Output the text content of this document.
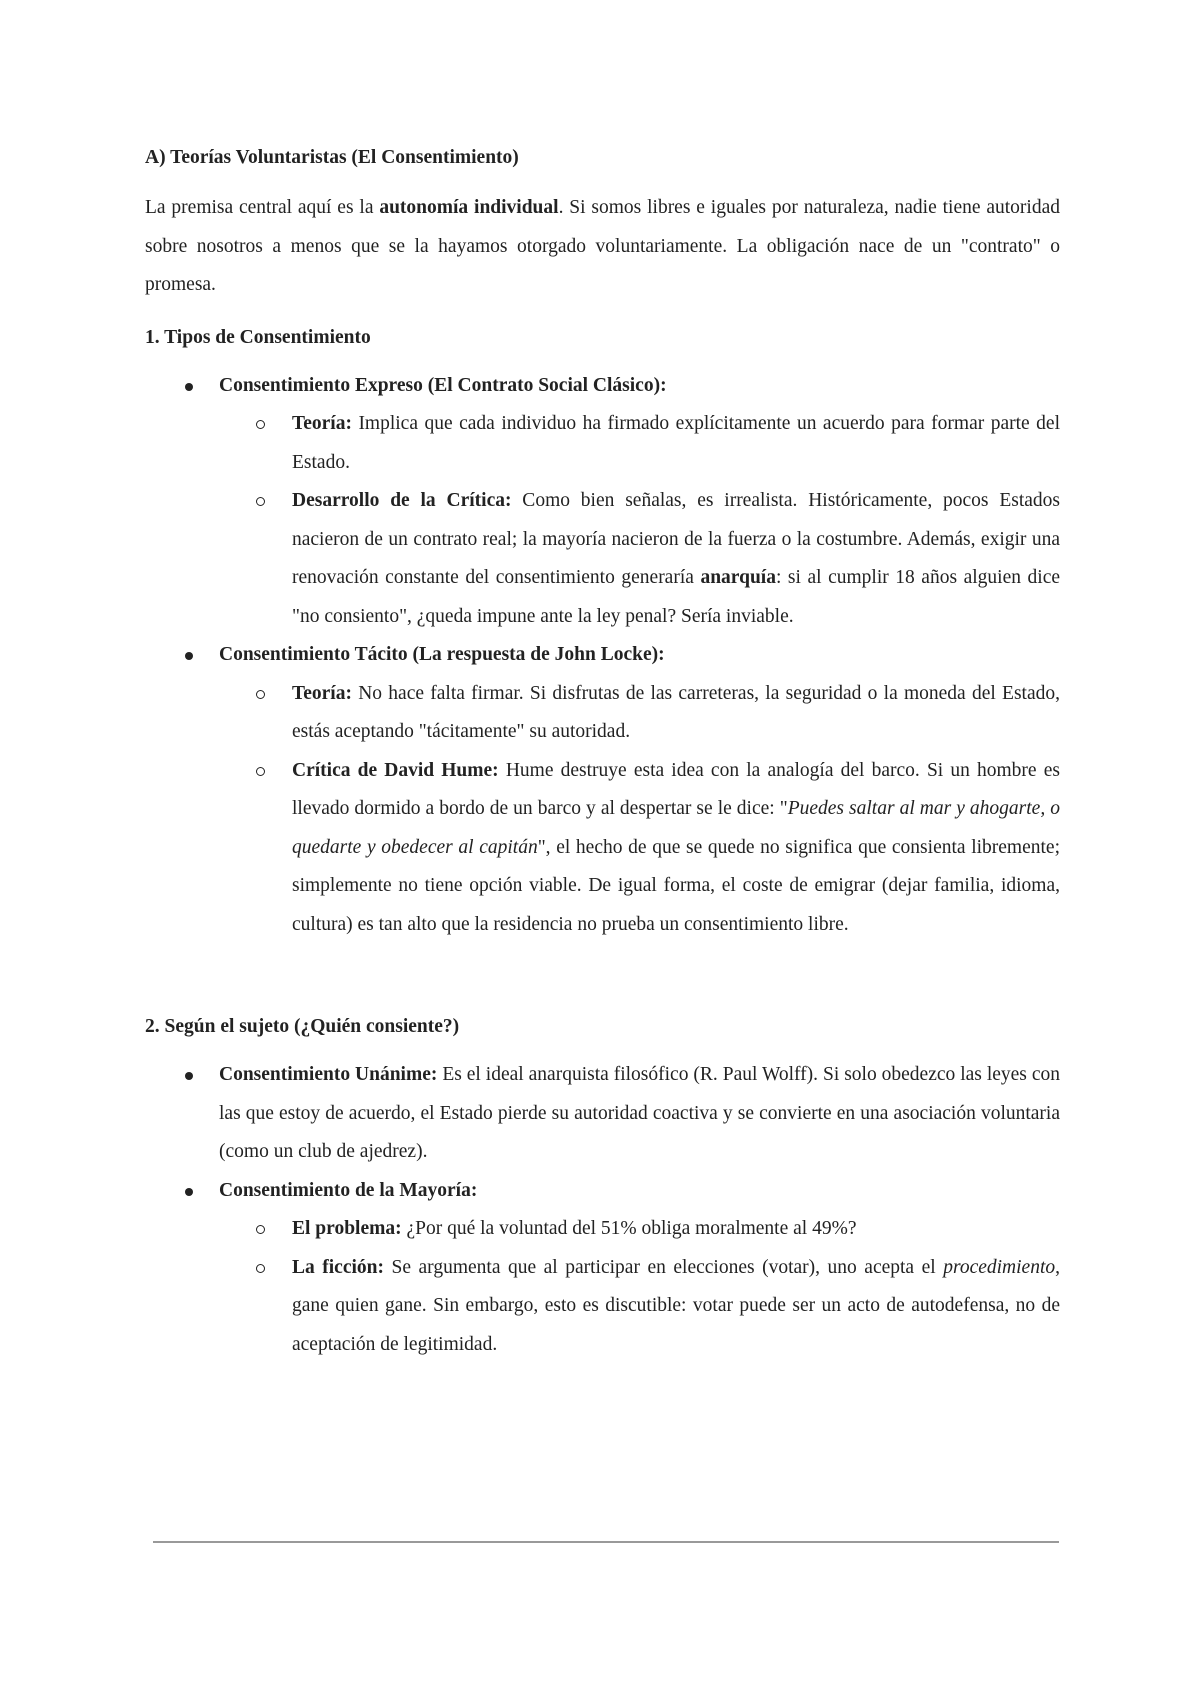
A) Teorías Voluntaristas (El Consentimiento)

La premisa central aquí es la autonomía individual. Si somos libres e iguales por naturaleza, nadie tiene autoridad sobre nosotros a menos que se la hayamos otorgado voluntariamente. La obligación nace de un "contrato" o promesa.

1. Tipos de Consentimiento

Consentimiento Expreso (El Contrato Social Clásico):
Teoría: Implica que cada individuo ha firmado explícitamente un acuerdo para formar parte del Estado.
Desarrollo de la Crítica: Como bien señalas, es irrealista. Históricamente, pocos Estados nacieron de un contrato real; la mayoría nacieron de la fuerza o la costumbre. Además, exigir una renovación constante del consentimiento generaría anarquía: si al cumplir 18 años alguien dice "no consiento", ¿queda impune ante la ley penal? Sería inviable.
Consentimiento Tácito (La respuesta de John Locke):
Teoría: No hace falta firmar. Si disfrutas de las carreteras, la seguridad o la moneda del Estado, estás aceptando "tácitamente" su autoridad.
Crítica de David Hume: Hume destruye esta idea con la analogía del barco. Si un hombre es llevado dormido a bordo de un barco y al despertar se le dice: "Puedes saltar al mar y ahogarte, o quedarte y obedecer al capitán", el hecho de que se quede no significa que consienta libremente; simplemente no tiene opción viable. De igual forma, el coste de emigrar (dejar familia, idioma, cultura) es tan alto que la residencia no prueba un consentimiento libre.

2. Según el sujeto (¿Quién consiente?)

Consentimiento Unánime: Es el ideal anarquista filosófico (R. Paul Wolff). Si solo obedezco las leyes con las que estoy de acuerdo, el Estado pierde su autoridad coactiva y se convierte en una asociación voluntaria (como un club de ajedrez).
Consentimiento de la Mayoría:
El problema: ¿Por qué la voluntad del 51% obliga moralmente al 49%?
La ficción: Se argumenta que al participar en elecciones (votar), uno acepta el procedimiento, gane quien gane. Sin embargo, esto es discutible: votar puede ser un acto de autodefensa, no de aceptación de legitimidad.
